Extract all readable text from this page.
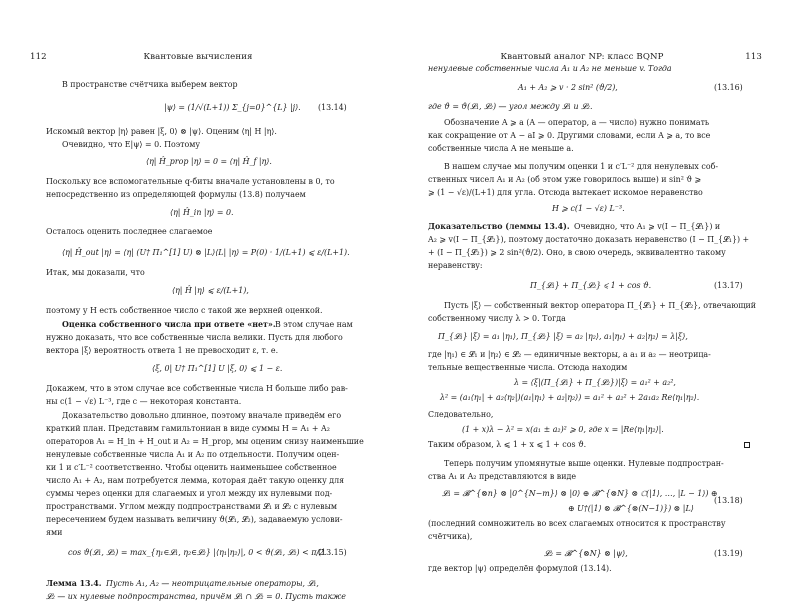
112	Квантовые вычисления
В пространстве счётчика выберем вектор
|ψ⟩ = (1/√(L+1)) Σ_{j=0}^{L} |j⟩.
Искомый вектор |η⟩ равен |ξ, 0⟩ ⊗ |ψ⟩. Оценим ⟨η| H |η⟩.
Очевидно, что E|ψ⟩ = 0. Поэтому
⟨η| Ĥ_prop |η⟩ = 0 = ⟨η| Ĥ_f |η⟩.
Поскольку все вспомогательные q-биты вначале установлены в 0, то
непосредственно из определяющей формулы (13.8) получаем
⟨η| Ĥ_in |η⟩ = 0.
Осталось оценить последнее слагаемое
⟨η| Ĥ_out |η⟩ = ⟨η| (U† Π₁^[1] U) ⊗ |L⟩⟨L| |η⟩ = P(0) · 1/(L+1) ⩽ ε/(L+1).
Итак, мы доказали, что
⟨η| Ĥ |η⟩ ⩽ ε/(L+1),
поэтому у H есть собственное число с такой же верхней оценкой.
Оценка собственного числа при ответе «нет». В этом случае нам
нужно доказать, что все собственные числа велики. Пусть для любого
вектора |ξ⟩ вероятность ответа 1 не превосходит ε, т. е.
⟨ξ, 0| U† Π₁^[1] U |ξ, 0⟩ ⩽ 1 − ε.
Докажем, что в этом случае все собственные числа H больше либо рав-
ны c(1 − √ε) L⁻³, где c — некоторая константа.
Доказательство довольно длинное, поэтому вначале приведём его
краткий план. Представим гамильтониан в виде суммы H = A₁ + A₂
операторов A₁ = H_in + H_out и A₂ = H_prop, мы оценим снизу наименьшие
ненулевые собственные числа A₁ и A₂ по отдельности. Получим оцен-
ки 1 и c′L⁻² соответственно. Чтобы оценить наименьшее собственное
число A₁ + A₂, нам потребуется лемма, которая даёт такую оценку для
суммы через оценки для слагаемых и угол между их нулевыми под-
пространствами. Углом между подпространствами 𝓛₁ и 𝓛₂ с нулевым
пересечением будем называть величину ϑ(𝓛₁, 𝓛₂), задаваемую услови-
ями
cos ϑ(𝓛₁, 𝓛₂) = max_{η₁∈𝓛₁, η₂∈𝓛₂} |⟨η₁|η₂⟩|, 0 < ϑ(𝓛₁, 𝓛₂) < π/2.
Лемма 13.4. Пусть A₁, A₂ — неотрицательные операторы, 𝓛₁,
𝓛₂ — их нулевые подпространства, причём 𝓛₁ ∩ 𝓛₂ = 0. Пусть также
(13.14)
(13.15)
Квантовый аналог NP: класс BQNP	113
ненулевые собственные числа A₁ и A₂ не меньше v. Тогда
A₁ + A₂ ⩾ v · 2 sin² (ϑ/2),
где ϑ = ϑ(𝓛₁, 𝓛₂) — угол между 𝓛₁ и 𝓛₂.
Обозначение A ⩾ a (A — оператор, a — число) нужно понимать
как сокращение от A − aI ⩾ 0. Другими словами, если A ⩾ a, то все
собственные числа A не меньше a.
В нашем случае мы получим оценки 1 и c′L⁻² для ненулевых соб-
ственных чисел A₁ и A₂ (об этом уже говорилось выше) и sin² ϑ ⩾
⩾ (1 − √ε)/(L+1) для угла. Отсюда вытекает искомое неравенство
H ⩾ c(1 − √ε) L⁻³.
Доказательство (леммы 13.4). Очевидно, что A₁ ⩾ v(I − Π_{𝓛₁}) и
A₂ ⩾ v(I − Π_{𝓛₂}), поэтому достаточно доказать неравенство (I − Π_{𝓛₁}) +
+ (I − Π_{𝓛₂}) ⩾ 2 sin²(ϑ/2). Оно, в свою очередь, эквивалентно такому
неравенству:
Π_{𝓛₁} + Π_{𝓛₂} ⩽ 1 + cos ϑ.
Пусть |ξ⟩ — собственный вектор оператора Π_{𝓛₁} + Π_{𝓛₂}, отвечающий
собственному числу λ > 0. Тогда
Π_{𝓛₁} |ξ⟩ = a₁ |η₁⟩, Π_{𝓛₂} |ξ⟩ = a₂ |η₂⟩, a₁|η₁⟩ + a₂|η₂⟩ = λ|ξ⟩,
где |η₁⟩ ∈ 𝓛₁ и |η₂⟩ ∈ 𝓛₂ — единичные векторы, a a₁ и a₂ — неотрица-
тельные вещественные числа. Отсюда находим
λ = ⟨ξ|(Π_{𝓛₁} + Π_{𝓛₂})|ξ⟩ = a₁² + a₂²,
λ² = (a₁⟨η₁| + a₂⟨η₂|)(a₁|η₁⟩ + a₂|η₂⟩) = a₁² + a₂² + 2a₁a₂ Re⟨η₁|η₂⟩.
Следовательно,
(1 + x)λ − λ² = x(a₁ ± a₂)² ⩾ 0, где x = |Re⟨η₁|η₂⟩|.
Таким образом, λ ⩽ 1 + x ⩽ 1 + cos ϑ.
Теперь получим упомянутые выше оценки. Нулевые подпростран-
ства A₁ и A₂ представляются в виде
𝓛₁ = 𝓑^{⊗n} ⊗ |0^{N−m}⟩ ⊗ |0⟩ ⊕ 𝓑^{⊗N} ⊗ ℂ(|1⟩, …, |L − 1⟩) ⊕
⊕ U†(|1⟩ ⊗ 𝓑^{⊗(N−1)}) ⊗ |L⟩
(последний сомножитель во всех слагаемых относится к пространству
счётчика),
𝓛₂ = 𝓑^{⊗N} ⊗ |ψ⟩,
где вектор |ψ⟩ определён формулой (13.14).
(13.16)
(13.17)
(13.18)
(13.19)
